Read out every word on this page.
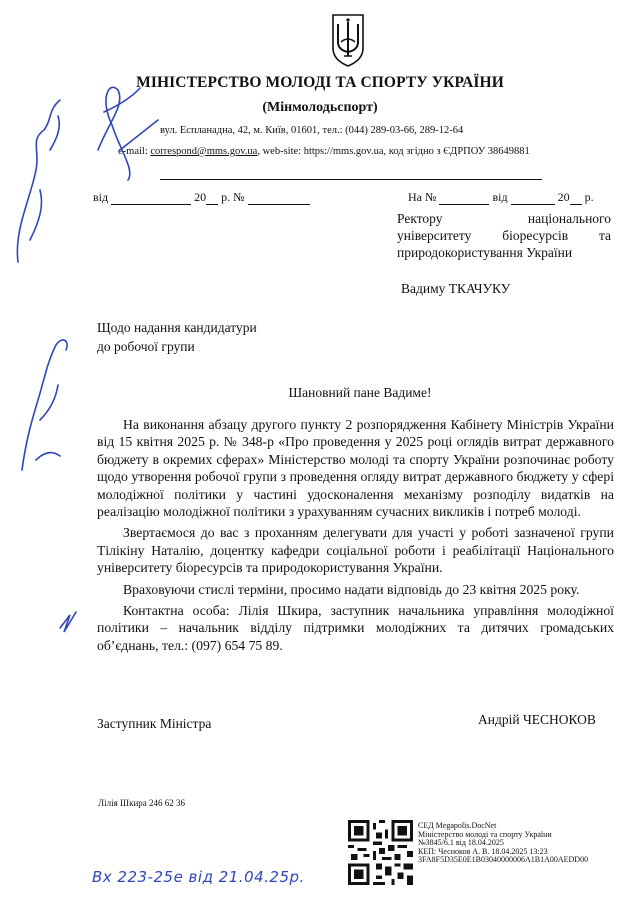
МІНІСТЕРСТВО МОЛОДІ ТА СПОРТУ УКРАЇНИ
(Мінмолодьспорт)
вул. Еспланадна, 42, м. Київ, 01601, тел.: (044) 289-03-66, 289-12-64
e-mail: correspond@mms.gov.ua, web-site: https://mms.gov.ua, код згідно з ЄДРПОУ 38649881
від	20 р. №	На №	від	20 р.
Ректору національного
університету біоресурсів та
природокористування України
Вадиму ТКАЧУКУ
Щодо надання кандидатури
до робочої групи
Шановний пане Вадиме!

На виконання абзацу другого пункту 2 розпорядження Кабінету Міністрів України від 15 квітня 2025 р. № 348-р «Про проведення у 2025 році оглядів витрат державного бюджету в окремих сферах» Міністерство молоді та спорту України розпочинає роботу щодо утворення робочої групи з проведення огляду витрат державного бюджету у сфері молодіжної політики у частині удосконалення механізму розподілу видатків на реалізацію молодіжної політики з урахуванням сучасних викликів і потреб молоді.

Звертаємося до вас з проханням делегувати для участі у роботі зазначеної групи Тілікіну Наталію, доцентку кафедри соціальної роботи і реабілітації Національного університету біоресурсів та природокористування України.

Враховуючи стислі терміни, просимо надати відповідь до 23 квітня 2025 року.

Контактна особа: Лілія Шкира, заступник начальника управління молодіжної політики – начальник відділу підтримки молодіжних та дитячих громадських об’єднань, тел.: (097) 654 75 89.

Заступник Міністра	Андрій ЧЕСНОКОВ
Лілія Шкира 246 62 36
СЕД Megapolis.DocNet
Міністерство молоді та спорту України
№3845/6.1 від 18.04.2025
КЕП: Чесноков А. В. 18.04.2025 13:23
3FA8F5D35E0E1B03040000006A1B1A00AEDD00
Вх 223-25е від 21.04.25р.
